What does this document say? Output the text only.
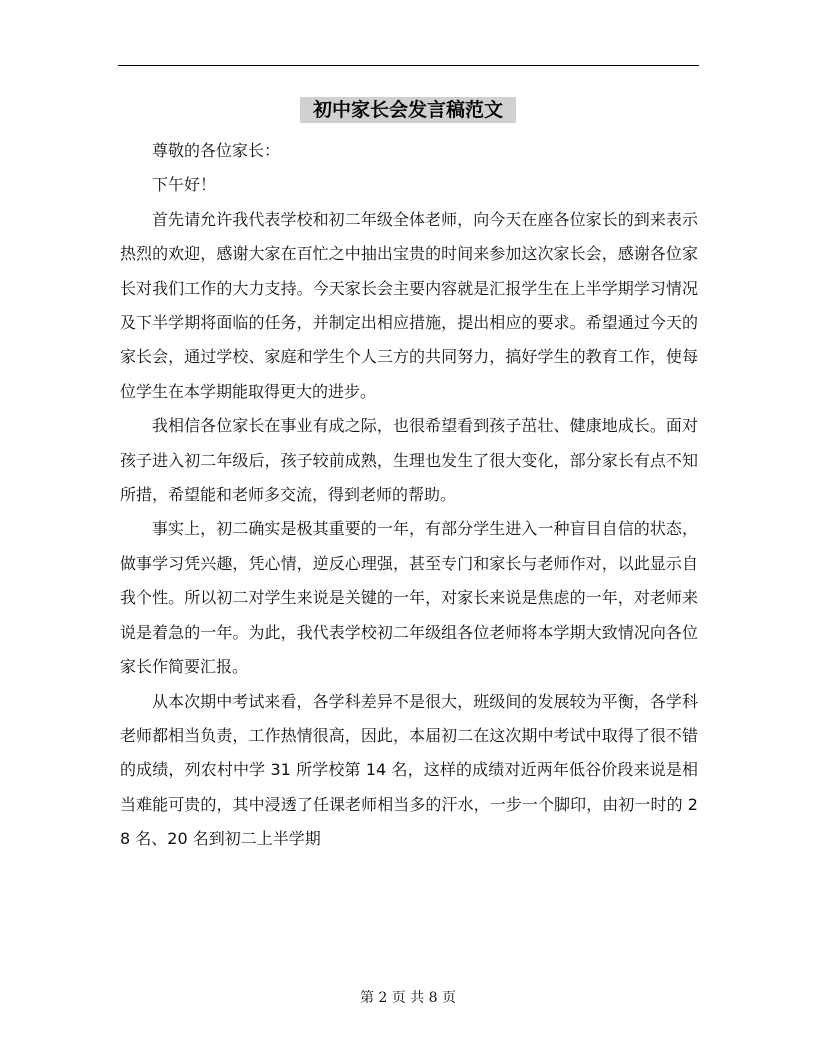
初中家长会发言稿范文

尊敬的各位家长：

下午好！

首先请允许我代表学校和初二年级全体老师，向今天在座各位家长的到来表示热烈的欢迎，感谢大家在百忙之中抽出宝贵的时间来参加这次家长会，感谢各位家长对我们工作的大力支持。今天家长会主要内容就是汇报学生在上半学期学习情况及下半学期将面临的任务，并制定出相应措施，提出相应的要求。希望通过今天的家长会，通过学校、家庭和学生个人三方的共同努力，搞好学生的教育工作，使每位学生在本学期能取得更大的进步。

我相信各位家长在事业有成之际，也很希望看到孩子茁壮、健康地成长。面对孩子进入初二年级后，孩子较前成熟，生理也发生了很大变化，部分家长有点不知所措，希望能和老师多交流，得到老师的帮助。

事实上，初二确实是极其重要的一年，有部分学生进入一种盲目自信的状态，做事学习凭兴趣，凭心情，逆反心理强，甚至专门和家长与老师作对，以此显示自我个性。所以初二对学生来说是关键的一年，对家长来说是焦虑的一年，对老师来说是着急的一年。为此，我代表学校初二年级组各位老师将本学期大致情况向各位家长作简要汇报。

从本次期中考试来看，各学科差异不是很大，班级间的发展较为平衡，各学科老师都相当负责，工作热情很高，因此，本届初二在这次期中考试中取得了很不错的成绩，列农村中学 31 所学校第 14 名，这样的成绩对近两年低谷价段来说是相当难能可贵的，其中浸透了任课老师相当多的汗水，一步一个脚印，由初一时的 28 名、20 名到初二上半学期

第 2 页 共 8 页
